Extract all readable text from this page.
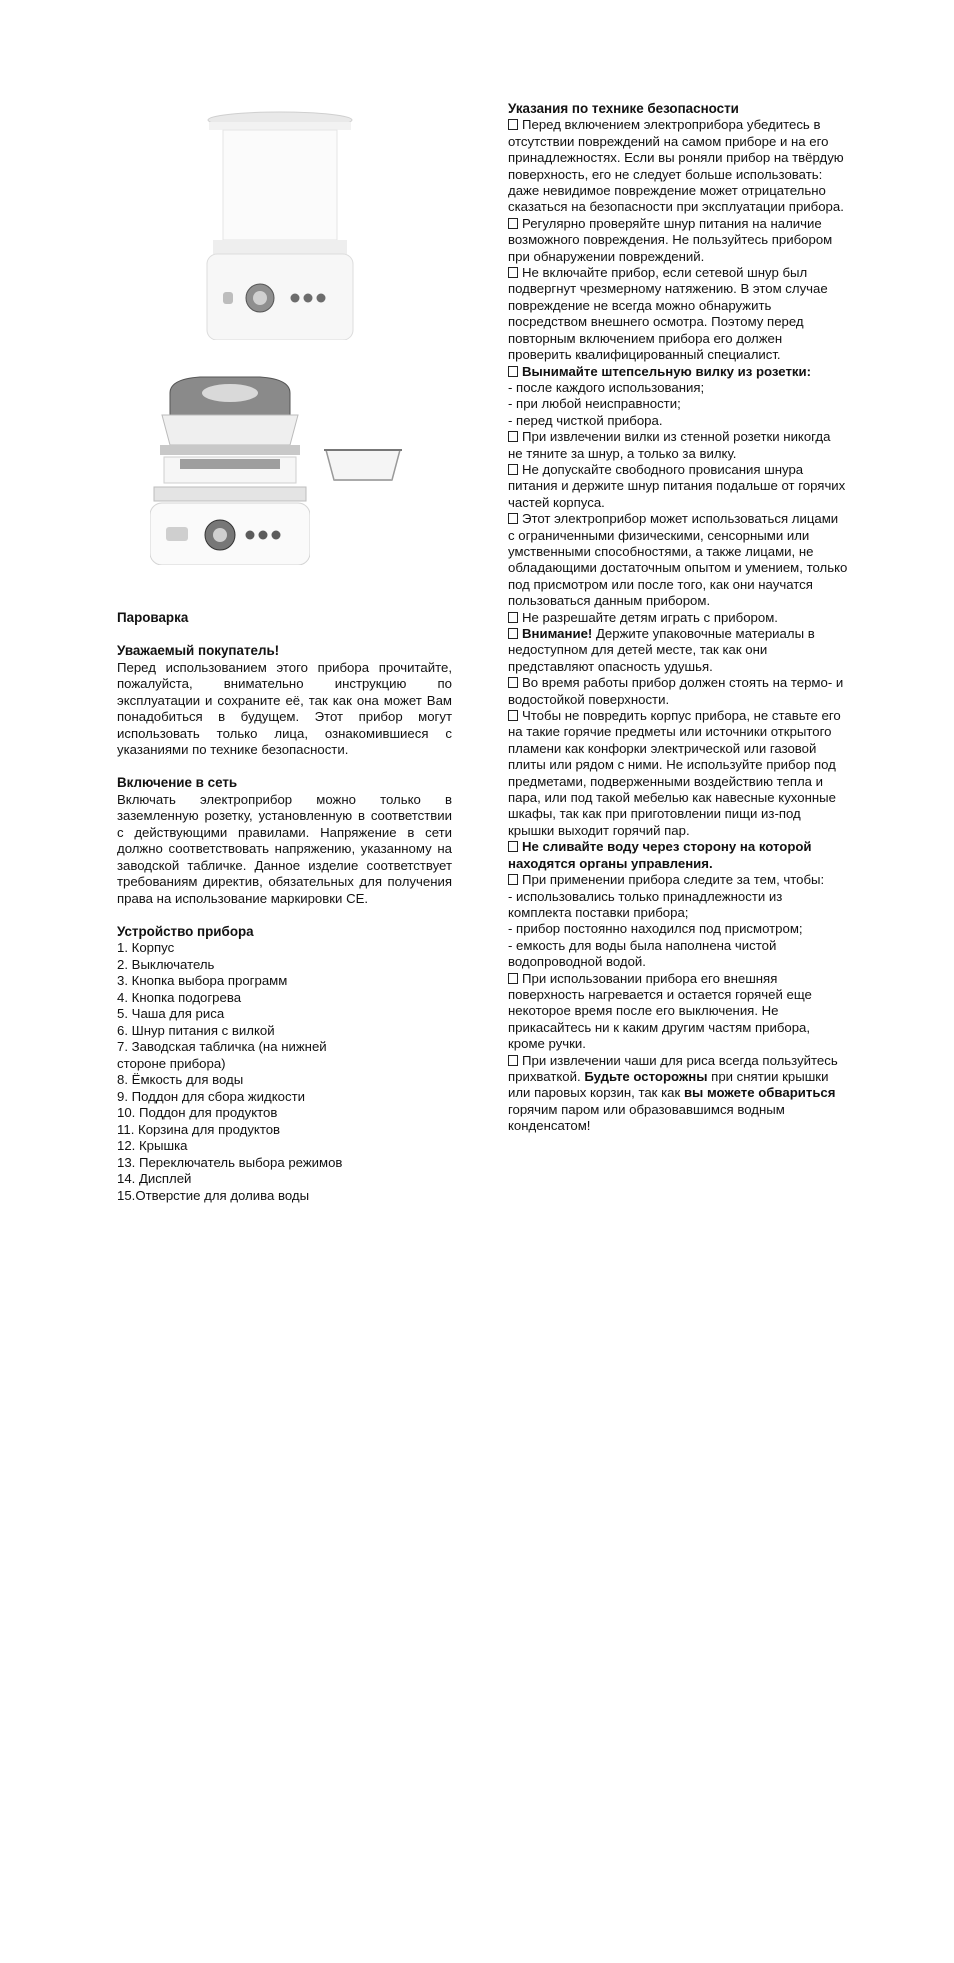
Пароварка
Уважаемый покупатель!

Перед использованием этого прибора прочитайте, пожалуйста, внимательно инструкцию по эксплуатации и сохраните её, так как она может Вам понадобиться в будущем. Этот прибор могут использовать только лица, ознакомившиеся с указаниями по технике безопасности.

Включение в сеть

Включать электроприбор можно только в заземленную розетку, установленную в соответствии с действующими правилами. Напряжение в сети должно соответствовать напряжению, указанному на заводской табличке. Данное изделие соответствует требованиям директив, обязательных для получения права на использование маркировки CE.

Устройство прибора
1. Корпус
2. Выключатель
3. Кнопка выбора программ
4. Кнопка подогрева
5. Чаша для риса
6. Шнур питания с вилкой
7. Заводская табличка (на нижней стороне прибора)
8. Ёмкость для воды
9. Поддон для сбора жидкости
10. Поддон для продуктов
11. Корзина для продуктов
12. Крышка
13. Переключатель выбора режимов
14. Дисплей
15.Отверстие для долива воды
Указания по технике безопасности

Перед включением электроприбора убедитесь в отсутствии повреждений на самом приборе и на его принадлежностях. Если вы роняли прибор на твёрдую поверхность, его не следует больше использовать: даже невидимое повреждение может отрицательно сказаться на безопасности при эксплуатации прибора.

Регулярно проверяйте шнур питания на наличие возможного повреждения. Не пользуйтесь прибором при обнаружении повреждений.

Не включайте прибор, если сетевой шнур был подвергнут чрезмерному натяжению. В этом случае повреждение не всегда можно обнаружить посредством внешнего осмотра. Поэтому перед повторным включением прибора его должен проверить квалифицированный специалист.

Вынимайте штепсельную вилку из розетки:

- после каждого использования;

- при любой неисправности;

- перед чисткой прибора.

При извлечении вилки из стенной розетки никогда не тяните за шнур, а только за вилку.

Не допускайте свободного провисания шнура питания и держите шнур питания подальше от горячих частей корпуса.

Этот электроприбор может использоваться лицами с ограниченными физическими, сенсорными или умственными способностями, а также лицами, не обладающими достаточным опытом и умением, только под присмотром или после того, как они научатся пользоваться данным прибором.

Не разрешайте детям играть с прибором.

Внимание! Держите упаковочные материалы в недоступном для детей месте, так как они представляют опасность удушья.

Во время работы прибор должен стоять на термо- и водостойкой поверхности.

Чтобы не повредить корпус прибора, не ставьте его на такие горячие предметы или источники открытого пламени как конфорки электрической или газовой плиты или рядом с ними. Не используйте прибор под предметами, подверженными воздействию тепла и пара, или под такой мебелью как навесные кухонные шкафы, так как при приготовлении пищи из-под крышки выходит горячий пар.

Не сливайте воду через сторону на которой находятся органы управления.

При применении прибора следите за тем, чтобы:

- использовались только принадлежности из комплекта поставки прибора;

- прибор постоянно находился под присмотром;

- емкость для воды была наполнена чистой водопроводной водой.

При использовании прибора его внешняя поверхность нагревается и остается горячей еще некоторое время после его выключения. Не прикасайтесь ни к каким другим частям прибора, кроме ручки.

При извлечении чаши для риса всегда пользуйтесь прихваткой. Будьте осторожны при снятии крышки или паровых корзин, так как вы можете обвариться горячим паром или образовавшимся водным конденсатом!
